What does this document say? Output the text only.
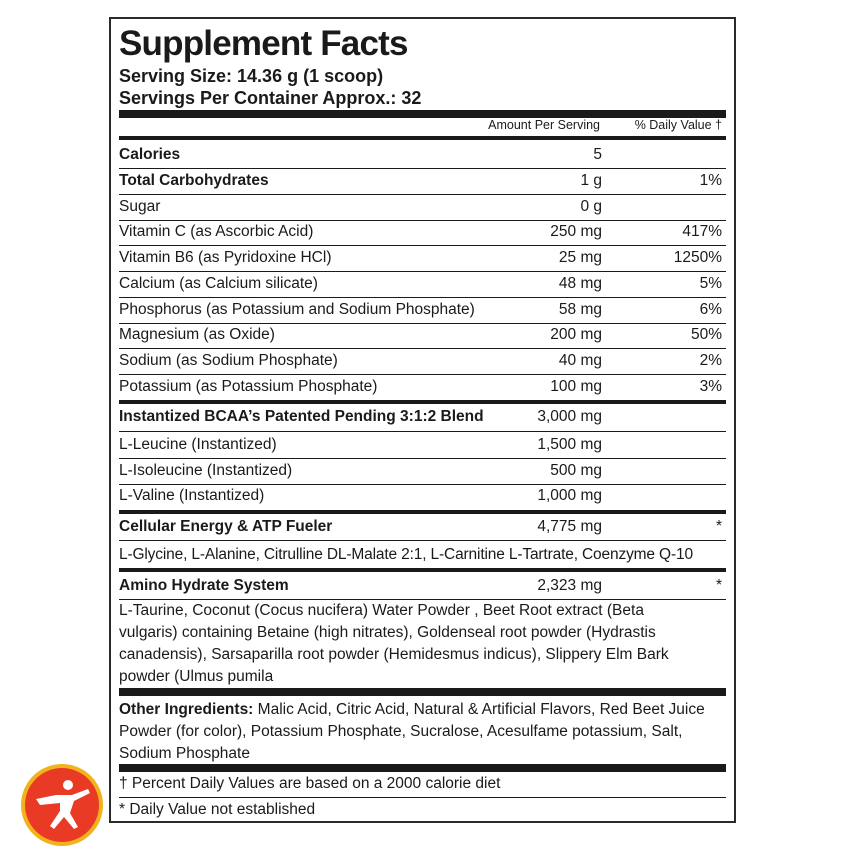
Supplement Facts
Serving Size: 14.36 g (1 scoop)
Servings Per Container Approx.: 32
Amount Per Serving	% Daily Value †
Calories	5
Total Carbohydrates	1 g	1%
Sugar	0 g
Vitamin C (as Ascorbic Acid)	250 mg	417%
Vitamin B6 (as Pyridoxine HCl)	25 mg	1250%
Calcium (as Calcium silicate)	48 mg	5%
Phosphorus (as Potassium and Sodium Phosphate)	58 mg	6%
Magnesium (as Oxide)	200 mg	50%
Sodium (as Sodium Phosphate)	40 mg	2%
Potassium (as Potassium Phosphate)	100 mg	3%
Instantized BCAA’s Patented Pending 3:1:2 Blend	3,000 mg
L-Leucine (Instantized)	1,500 mg
L-Isoleucine (Instantized)	500 mg
L-Valine (Instantized)	1,000 mg
Cellular Energy & ATP Fueler	4,775 mg	*
L-Glycine, L-Alanine, Citrulline DL-Malate 2:1, L-Carnitine L-Tartrate, Coenzyme Q-10
Amino Hydrate System	2,323 mg	*
L-Taurine, Coconut (Cocus nucifera) Water Powder , Beet Root extract (Beta vulgaris) containing Betaine (high nitrates), Goldenseal root powder (Hydrastis canadensis), Sarsaparilla root powder (Hemidesmus indicus), Slippery Elm Bark powder (Ulmus pumila
Other Ingredients: Malic Acid, Citric Acid, Natural & Artificial Flavors, Red Beet Juice Powder (for color), Potassium Phosphate, Sucralose, Acesulfame potassium, Salt, Sodium Phosphate
† Percent Daily Values are based on a 2000 calorie diet
* Daily Value not established
